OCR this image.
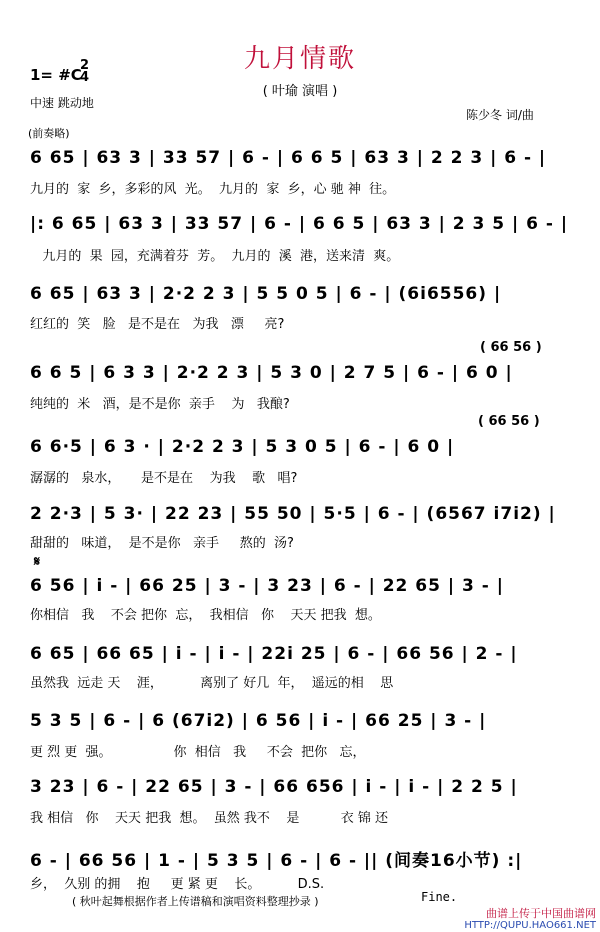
九月情歌
( 叶瑜 演唱 )
1= #C
2
4
中速 跳动地
陈少冬 词/曲
(前奏略)
6 65 | 63 3 | 33 57 | 6 - | 6 6 5 | 63 3 | 2 2 3 | 6 - |
九月的  家  乡，多彩的风  光。  九月的  家  乡，心 驰 神  往。
|: 6 65 | 63 3 | 33 57 | 6 - | 6 6 5 | 63 3 | 2 3 5 | 6 - |
九月的  果  园，充满着芬  芳。  九月的  溪  港，送来清  爽。
6 65 | 63 3 | 2·2 2 3 | 5 5 0 5 | 6 - | (6i6556) |
红红的  笑   脸   是不是在   为我   漂     亮?
( 66 56 )
6 6 5 | 6 3 3 | 2·2 2 3 | 5 3 0 | 2 7 5 | 6 - | 6 0 |
纯纯的  米   酒，是不是你  亲手    为   我酿?
( 66 56 )
6 6·5 | 6 3 · | 2·2 2 3 | 5 3 0 5 | 6 - | 6 0 |
潺潺的   泉水，     是不是在    为我    歌   唱?
2 2·3 | 5 3· | 22 23 | 55 50 | 5·5 | 6 - | (6567 i7i2) |
甜甜的   味道，  是不是你   亲手     熬的  汤?
𝄋
6 56 | i - | 66 25 | 3 - | 3 23 | 6 - | 22 65 | 3 - |
你相信   我    不会 把你  忘，  我相信   你    天天 把我  想。
6 65 | 66 65 | i - | i - | 22i 25 | 6 - | 66 56 | 2 - |
虽然我  远走 天    涯，         离别了 好几  年，  遥远的相    思
5 3 5 | 6 - | 6 (67i2) | 6 56 | i - | 66 25 | 3 - |
更 烈 更  强。               你  相信   我     不会  把你   忘，
3 23 | 6 - | 22 65 | 3 - | 66 656 | i - | i - | 2 2 5 |
我 相信   你    天天 把我  想。  虽然 我不    是          衣 锦 还
6 - | 66 56 | 1 - | 5 3 5 | 6 - | 6 - || (间奏16小节) :|
乡，  久别 的拥    抱     更 紧 更    长。         D.S.
( 秋叶起舞根据作者上传谱稿和演唱资料整理抄录 )	Fine.
曲谱上传于中国曲谱网
HTTP://QUPU.HAO661.NET
